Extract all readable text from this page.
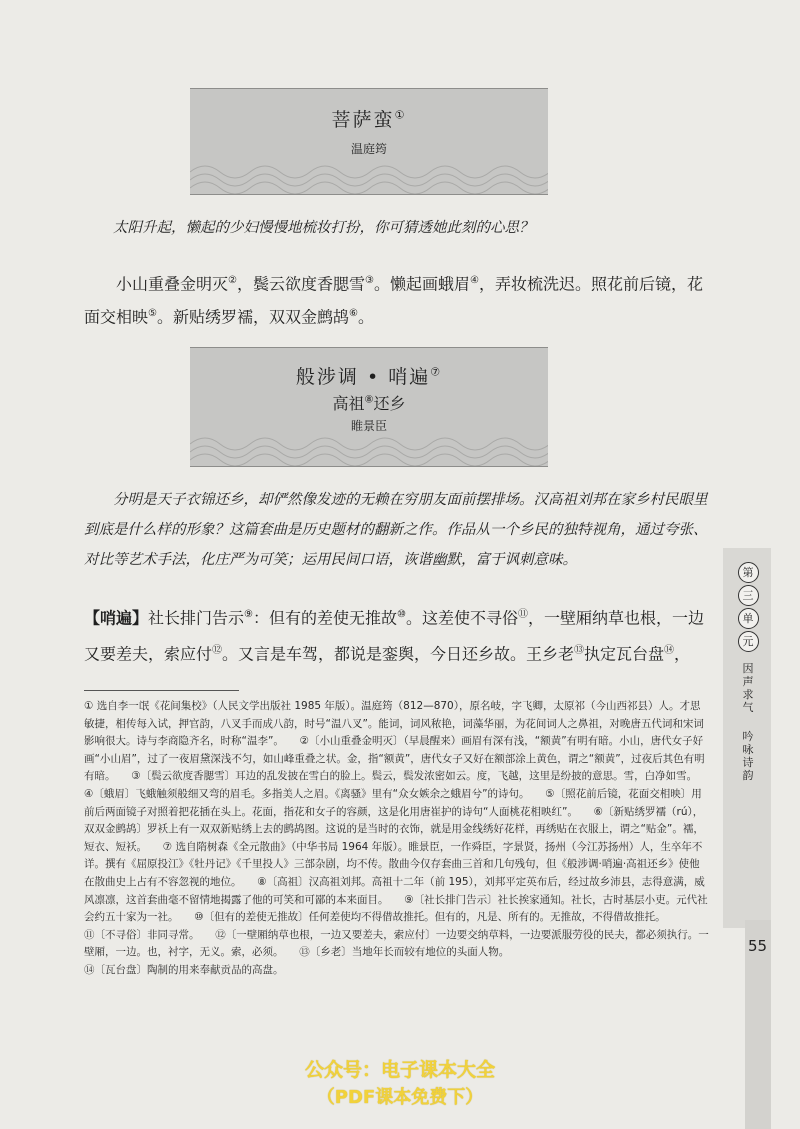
菩萨蛮①
温庭筠

太阳升起，懒起的少妇慢慢地梳妆打扮，你可猜透她此刻的心思？

小山重叠金明灭②，鬓云欲度香腮雪③。懒起画蛾眉④，弄妆梳洗迟。照花前后镜，花面交相映⑤。新贴绣罗襦，双双金鹧鸪⑥。

般涉调 • 哨遍⑦
高祖⑧还乡
睢景臣

分明是天子衣锦还乡，却俨然像发迹的无赖在穷朋友面前摆排场。汉高祖刘邦在家乡村民眼里到底是什么样的形象？这篇套曲是历史题材的翻新之作。作品从一个乡民的独特视角，通过夸张、对比等艺术手法，化庄严为可笑；运用民间口语，诙谐幽默，富于讽刺意味。

【哨遍】社长排门告示⑨：但有的差使无推故⑩。这差使不寻俗⑪，一壁厢纳草也根，一边又要差夫，索应付⑫。又言是车驾，都说是銮舆，今日还乡故。王乡老⑬执定瓦台盘⑭，

① 选自李一氓《花间集校》（人民文学出版社 1985 年版）。温庭筠（812—870），原名岐，字飞卿，太原祁（今山西祁县）人。才思敏捷，相传每入试，押官韵，八叉手而成八韵，时号“温八叉”。能词，词风秾艳，词藻华丽，为花间词人之鼻祖，对晚唐五代词和宋词影响很大。诗与李商隐齐名，时称“温李”。　　②〔小山重叠金明灭〕（早晨醒来）画眉有深有浅，“额黄”有明有暗。小山，唐代女子好画“小山眉”，过了一夜眉黛深浅不匀，如山峰重叠之状。金，指“额黄”，唐代女子又好在额部涂上黄色，谓之“额黄”，过夜后其色有明有暗。　　③〔鬓云欲度香腮雪〕耳边的乱发披在雪白的脸上。鬓云，鬓发浓密如云。度，飞越，这里是纷披的意思。雪，白净如雪。　　④〔蛾眉〕飞蛾触须般细又弯的眉毛。多指美人之眉。《离骚》里有“众女嫉余之蛾眉兮”的诗句。　　⑤〔照花前后镜，花面交相映〕用前后两面镜子对照着把花插在头上。花面，指花和女子的容颜，这是化用唐崔护的诗句“人面桃花相映红”。　　⑥〔新贴绣罗襦（rú），双双金鹧鸪〕罗袄上有一双双新贴绣上去的鹧鸪图。这说的是当时的衣饰，就是用金线绣好花样，再绣贴在衣服上，谓之“贴金”。襦，短衣、短袄。　　⑦ 选自隋树森《全元散曲》（中华书局 1964 年版）。睢景臣，一作舜臣，字景贤，扬州（今江苏扬州）人，生卒年不详。撰有《屈原投江》《牡丹记》《千里投人》三部杂剧，均不传。散曲今仅存套曲三首和几句残句，但《般涉调·哨遍·高祖还乡》使他在散曲史上占有不容忽视的地位。　　⑧〔高祖〕汉高祖刘邦。高祖十二年（前 195），刘邦平定英布后，经过故乡沛县，志得意满，威风凛凛，这首套曲毫不留情地揭露了他的可笑和可鄙的本来面目。　　⑨〔社长排门告示〕社长挨家通知。社长，古时基层小吏。元代社会约五十家为一社。　　⑩〔但有的差使无推故〕任何差使均不得借故推托。但有的，凡是、所有的。无推故，不得借故推托。

⑪〔不寻俗〕非同寻常。　　⑫〔一壁厢纳草也根，一边又要差夫，索应付〕一边要交纳草料，一边要派服劳役的民夫，都必须执行。一壁厢，一边。也，衬字，无义。索，必须。　　⑬〔乡老〕当地年长而较有地位的头面人物。

⑭〔瓦台盘〕陶制的用来奉献贡品的高盘。

第
三
单
元
因声求气
吟咏诗韵
55
公众号：电子课本大全
（PDF课本免费下）
